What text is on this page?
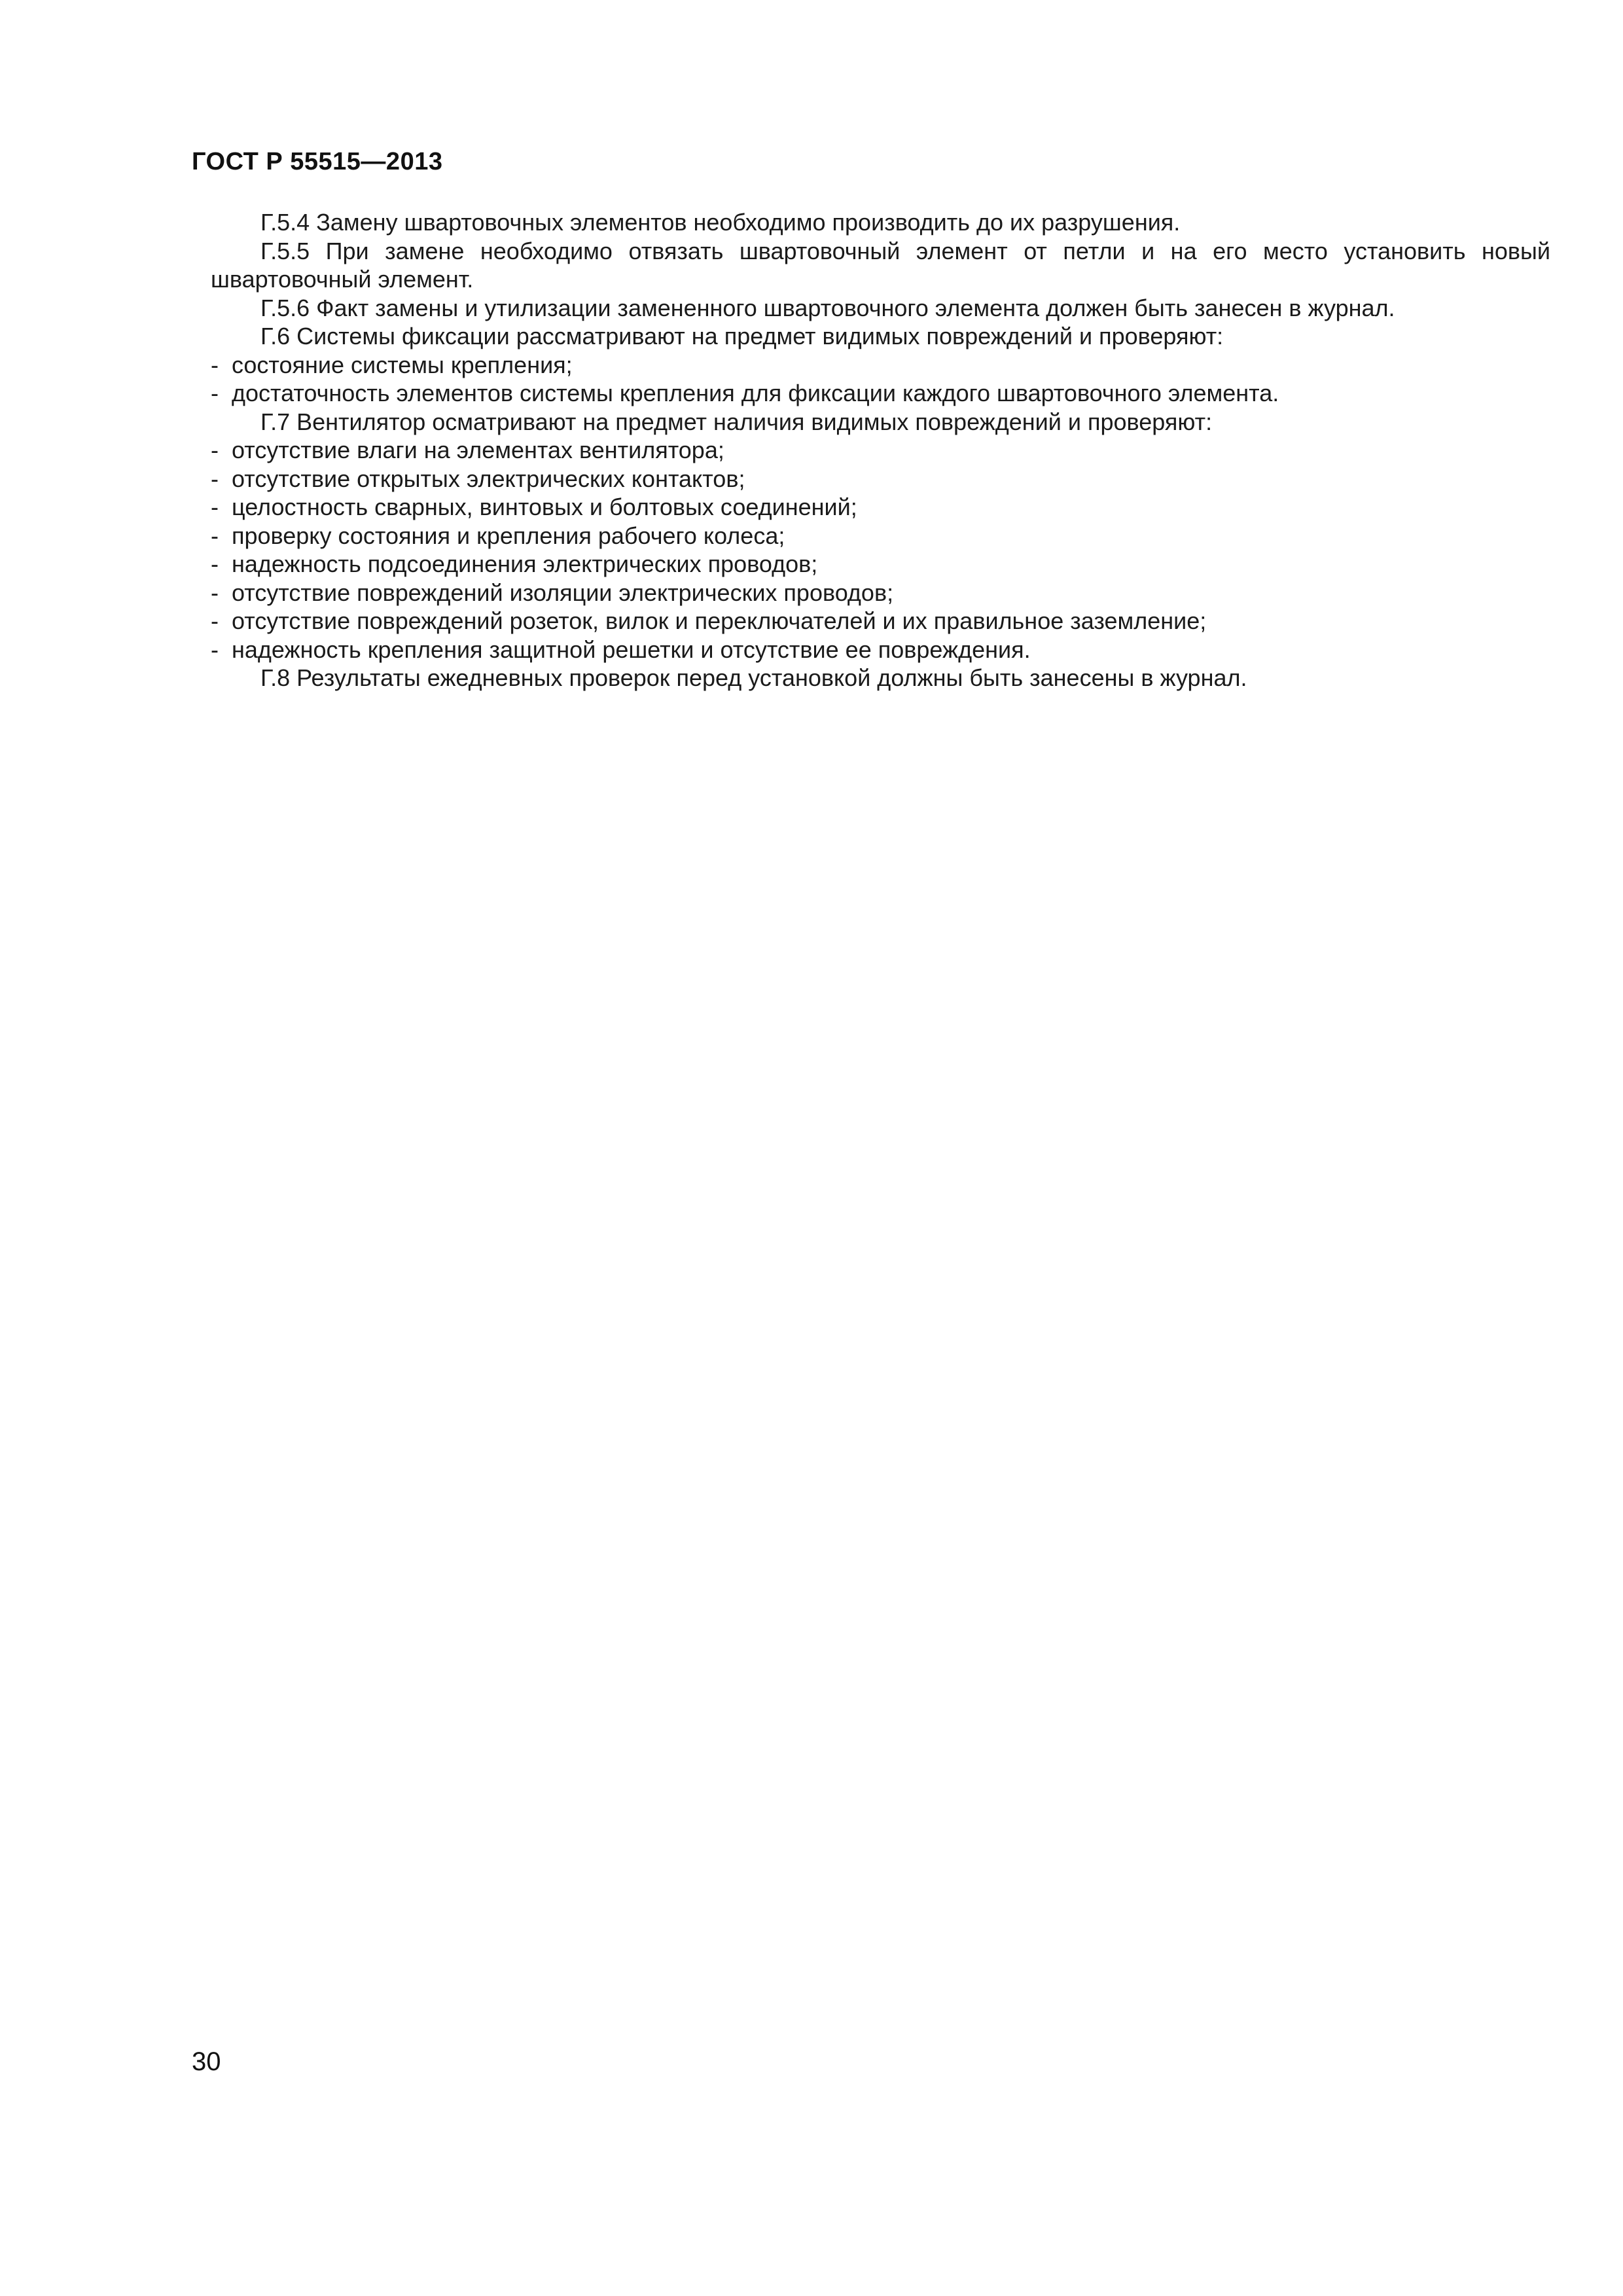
ГОСТ Р 55515—2013

Г.5.4 Замену швартовочных элементов необходимо производить до их разрушения.

Г.5.5 При замене необходимо отвязать швартовочный элемент от петли и на его место установить новый швартовочный элемент.

Г.5.6 Факт замены и утилизации замененного швартовочного элемента должен быть занесен в журнал.

Г.6 Системы фиксации рассматривают на предмет видимых повреждений и проверяют:

- состояние системы крепления;

- достаточность элементов системы крепления для фиксации каждого швартовочного элемента.

Г.7 Вентилятор осматривают на предмет наличия видимых повреждений и проверяют:

- отсутствие влаги на элементах вентилятора;

- отсутствие открытых электрических контактов;

- целостность сварных, винтовых и болтовых соединений;

- проверку состояния и крепления рабочего колеса;

- надежность подсоединения электрических проводов;

- отсутствие повреждений изоляции электрических проводов;

- отсутствие повреждений розеток, вилок и переключателей и их правильное заземление;

- надежность крепления защитной решетки и отсутствие ее повреждения.

Г.8 Результаты ежедневных проверок перед установкой должны быть занесены в журнал.

30
